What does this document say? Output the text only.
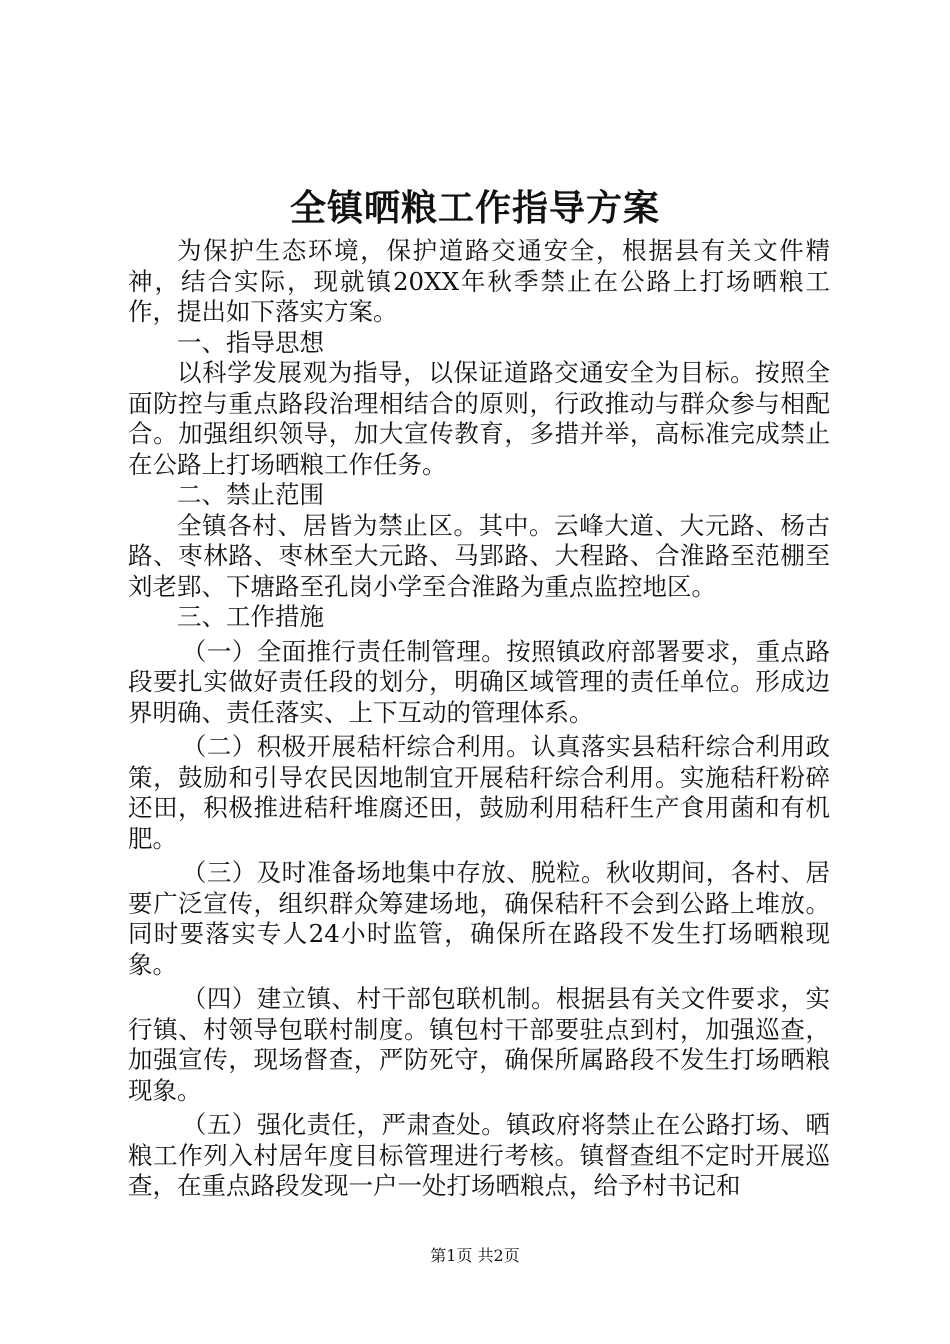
全镇晒粮工作指导方案

为保护生态环境，保护道路交通安全，根据县有关文件精神，结合实际，现就镇20XX年秋季禁止在公路上打场晒粮工作，提出如下落实方案。

一、指导思想

以科学发展观为指导，以保证道路交通安全为目标。按照全面防控与重点路段治理相结合的原则，行政推动与群众参与相配合。加强组织领导，加大宣传教育，多措并举，高标准完成禁止在公路上打场晒粮工作任务。

二、禁止范围

全镇各村、居皆为禁止区。其中。云峰大道、大元路、杨古路、枣林路、枣林至大元路、马郢路、大程路、合淮路至范棚至刘老郢、下塘路至孔岗小学至合淮路为重点监控地区。

三、工作措施

（一）全面推行责任制管理。按照镇政府部署要求，重点路段要扎实做好责任段的划分，明确区域管理的责任单位。形成边界明确、责任落实、上下互动的管理体系。

（二）积极开展秸杆综合利用。认真落实县秸秆综合利用政策，鼓励和引导农民因地制宜开展秸秆综合利用。实施秸秆粉碎还田，积极推进秸秆堆腐还田，鼓励利用秸秆生产食用菌和有机肥。

（三）及时准备场地集中存放、脱粒。秋收期间，各村、居要广泛宣传，组织群众筹建场地，确保秸秆不会到公路上堆放。同时要落实专人24小时监管，确保所在路段不发生打场晒粮现象。

（四）建立镇、村干部包联机制。根据县有关文件要求，实行镇、村领导包联村制度。镇包村干部要驻点到村，加强巡查，加强宣传，现场督查，严防死守，确保所属路段不发生打场晒粮现象。

（五）强化责任，严肃查处。镇政府将禁止在公路打场、晒粮工作列入村居年度目标管理进行考核。镇督查组不定时开展巡查，在重点路段发现一户一处打场晒粮点，给予村书记和

第1页 共2页
